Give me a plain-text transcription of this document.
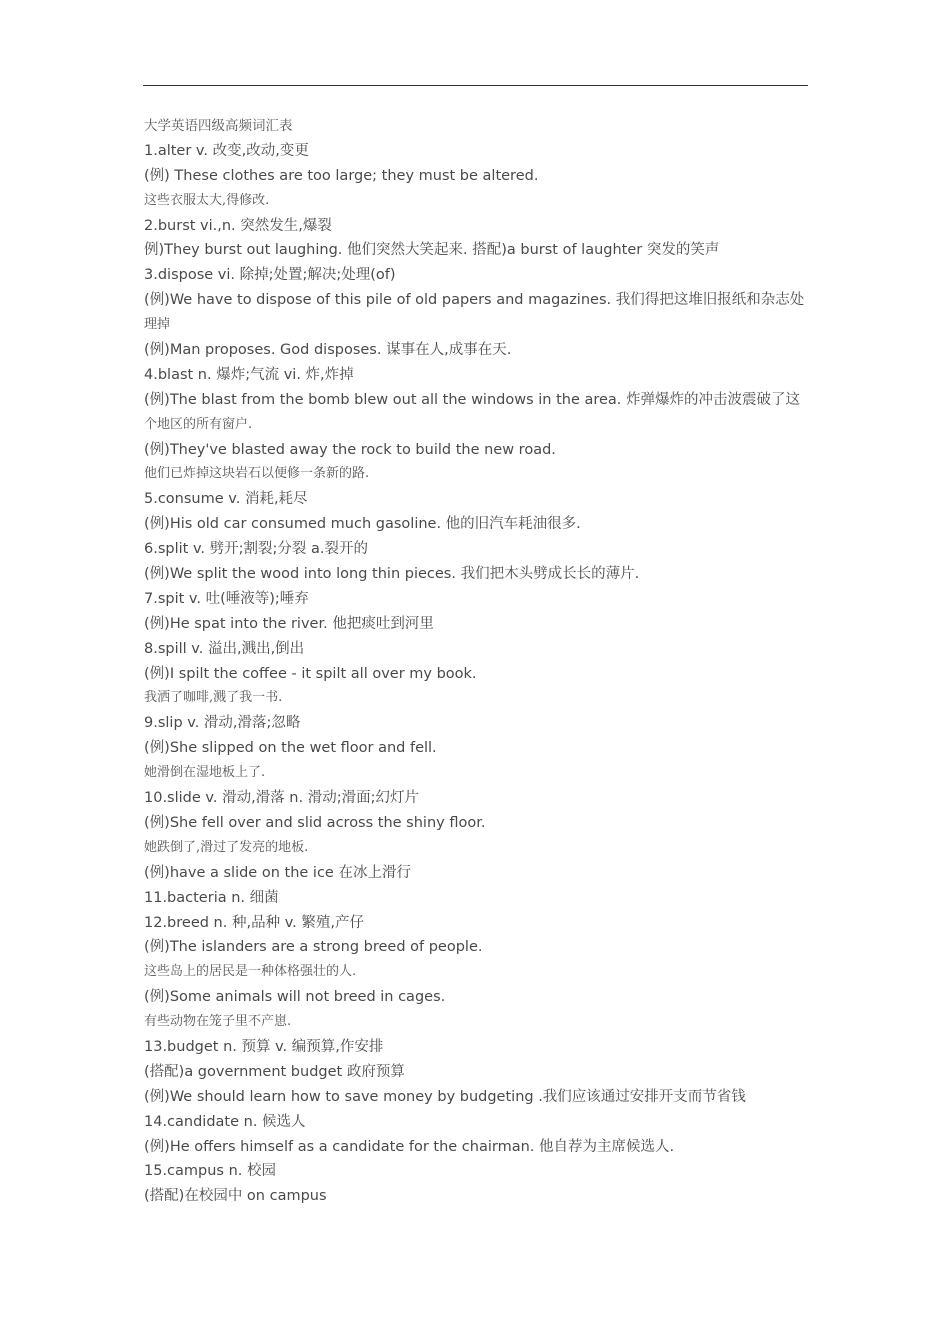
大学英语四级高频词汇表
1.alter v. 改变,改动,变更
(例) These clothes are too large; they must be altered.
这些衣服太大,得修改.
2.burst vi.,n. 突然发生,爆裂
例)They burst out laughing. 他们突然大笑起来. 搭配)a burst of laughter 突发的笑声
3.dispose vi. 除掉;处置;解决;处理(of)
(例)We have to dispose of this pile of old papers and magazines. 我们得把这堆旧报纸和杂志处
理掉
(例)Man proposes. God disposes. 谋事在人,成事在天.
4.blast n. 爆炸;气流 vi. 炸,炸掉
(例)The blast from the bomb blew out all the windows in the area. 炸弹爆炸的冲击波震破了这
个地区的所有窗户.
(例)They've blasted away the rock to build the new road.
他们已炸掉这块岩石以便修一条新的路.
5.consume v. 消耗,耗尽
(例)His old car consumed much gasoline. 他的旧汽车耗油很多.
6.split v. 劈开;割裂;分裂 a.裂开的
(例)We split the wood into long thin pieces. 我们把木头劈成长长的薄片.
7.spit v. 吐(唾液等);唾弃
(例)He spat into the river. 他把痰吐到河里
8.spill v. 溢出,溅出,倒出
(例)I spilt the coffee - it spilt all over my book.
我洒了咖啡,溅了我一书.
9.slip v. 滑动,滑落;忽略
(例)She slipped on the wet floor and fell.
她滑倒在湿地板上了.
10.slide v. 滑动,滑落 n. 滑动;滑面;幻灯片
(例)She fell over and slid across the shiny floor.
她跌倒了,滑过了发亮的地板.
(例)have a slide on the ice 在冰上滑行
11.bacteria n. 细菌
12.breed n. 种,品种 v. 繁殖,产仔
(例)The islanders are a strong breed of people.
这些岛上的居民是一种体格强壮的人.
(例)Some animals will not breed in cages.
有些动物在笼子里不产崽.
13.budget n. 预算 v. 编预算,作安排
(搭配)a government budget 政府预算
(例)We should learn how to save money by budgeting .我们应该通过安排开支而节省钱
14.candidate n. 候选人
(例)He offers himself as a candidate for the chairman. 他自荐为主席候选人.
15.campus n. 校园
(搭配)在校园中 on campus
